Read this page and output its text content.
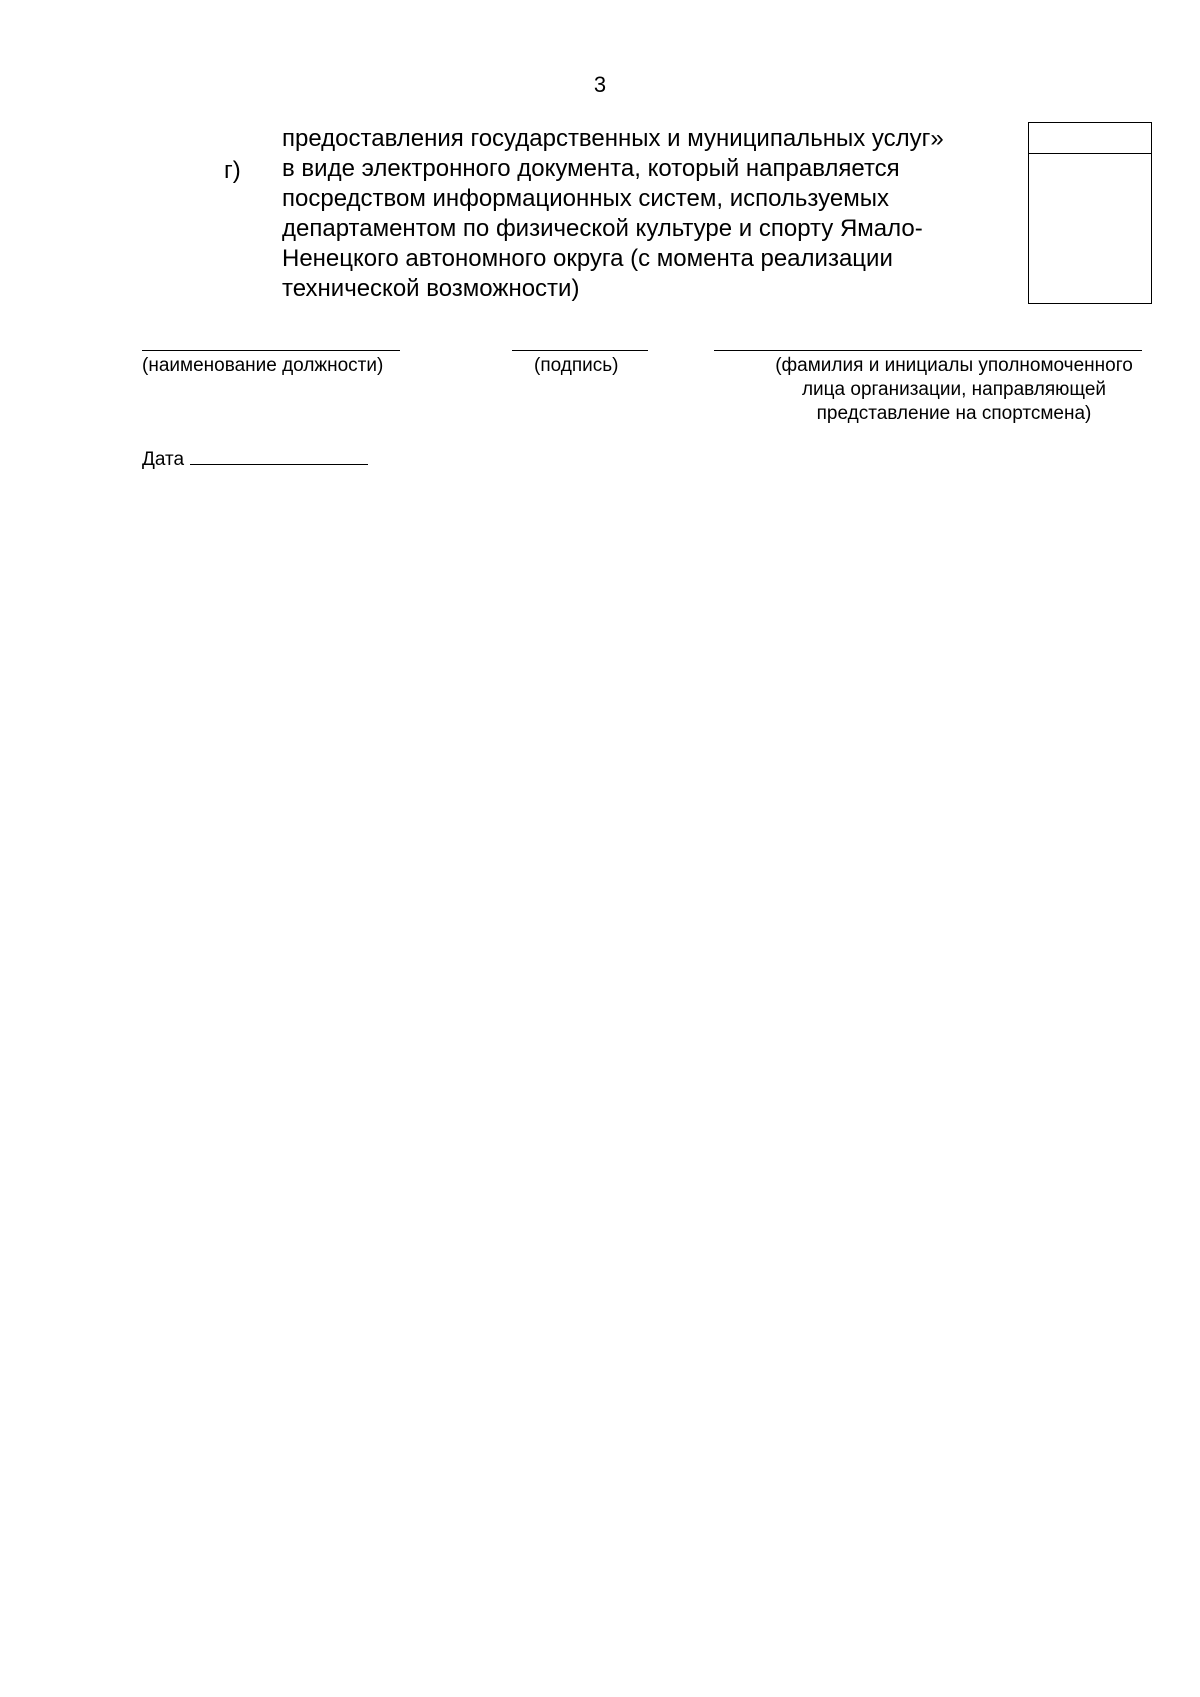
3
г)
предоставления государственных и муниципальных услуг»
в виде электронного документа, который направляется
посредством информационных систем, используемых
департаментом по физической культуре и спорту Ямало-
Ненецкого автономного округа (с момента реализации
технической возможности)
(наименование должности)	(подпись)	(фамилия и инициалы уполномоченного
лица организации, направляющей
представление на спортсмена)
Дата
